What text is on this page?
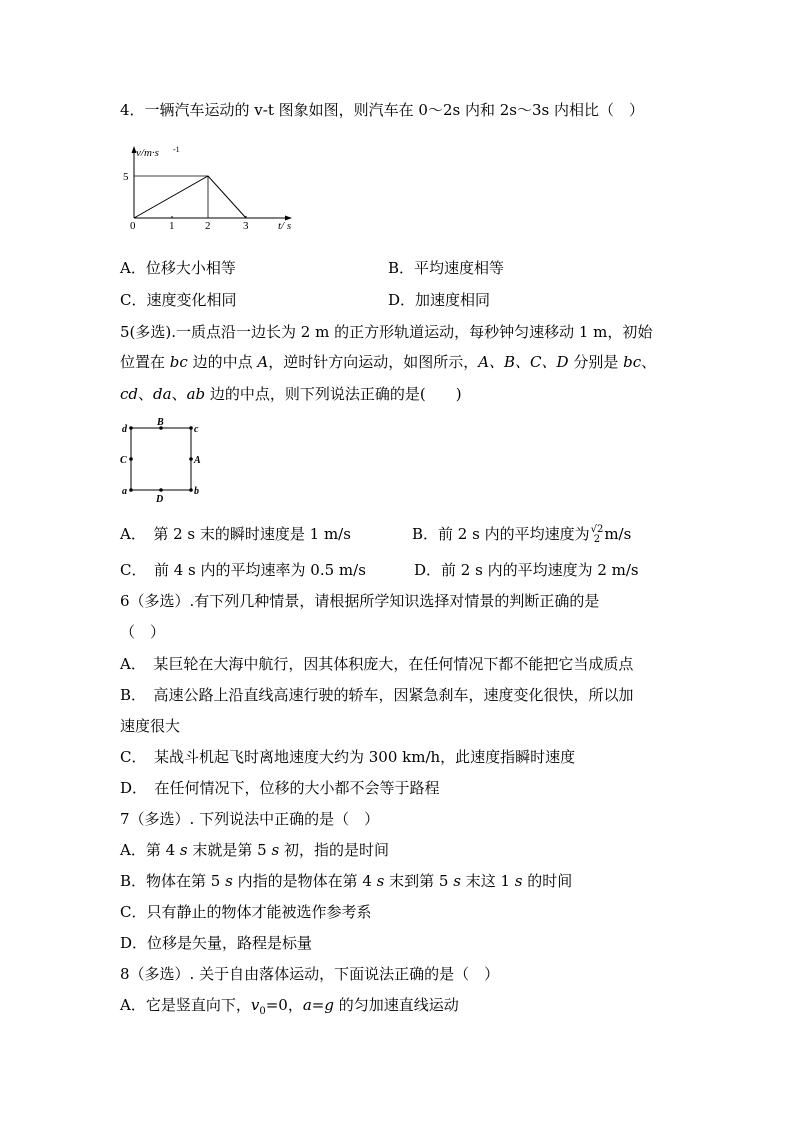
4．一辆汽车运动的 v-t 图象如图，则汽车在 0～2s 内和 2s～3s 内相比（　）
v/m·s -1
5
0	1	2	3	t/ s
A．位移大小相等	B．平均速度相等
C．速度变化相同	D．加速度相同
5(多选).一质点沿一边长为 2 m 的正方形轨道运动，每秒钟匀速移动 1 m，初始
位置在 bc 边的中点 A，逆时针方向运动，如图所示，A、B、C、D 分别是 bc、
cd、da、ab 边的中点，则下列说法正确的是(　　)
d	c
a	b
B
D
C	A
A．　第 2 s 末的瞬时速度是 1 m/s	B．前 2 s 内的平均速度为 √2
2 m/s
C．　前 4 s 内的平均速率为 0.5 m/s	D．前 2 s 内的平均速度为 2 m/s
6（多选）.有下列几种情景，请根据所学知识选择对情景的判断正确的是
（　）
A．　某巨轮在大海中航行，因其体积庞大，在任何情况下都不能把它当成质点
B．　高速公路上沿直线高速行驶的轿车，因紧急刹车，速度变化很快，所以加
速度很大
C．　某战斗机起飞时离地速度大约为 300 km/h，此速度指瞬时速度
D．　在任何情况下，位移的大小都不会等于路程
7（多选）. 下列说法中正确的是（　）
A．第 4 s 末就是第 5 s 初，指的是时间
B．物体在第 5 s 内指的是物体在第 4 s 末到第 5 s 末这 1 s 的时间
C．只有静止的物体才能被选作参考系
D．位移是矢量，路程是标量
8（多选）. 关于自由落体运动，下面说法正确的是（　）
A．它是竖直向下，$v_0=0$，a=g 的匀加速直线运动
